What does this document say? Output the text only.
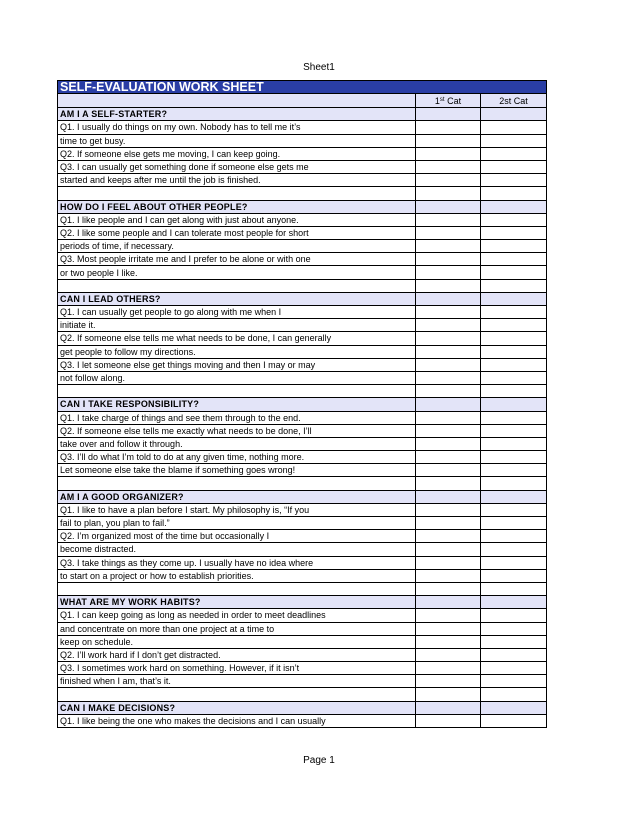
Sheet1
SELF-EVALUATION WORK SHEET		
	1st Cat	2st Cat
AM I A SELF-STARTER?		
Q1. I usually do things on my own. Nobody has to tell me it’s		
time to get busy.		
Q2. If someone else gets me moving, I can keep going.		
Q3. I can usually get something done if someone else gets me		
started and keeps after me until the job is finished.		

HOW DO I FEEL ABOUT OTHER PEOPLE?		
Q1. I like people and I can get along with just about anyone.		
Q2. I like some people and I can tolerate most people for short		
periods of time, if necessary.		
Q3. Most people irritate me and I prefer to be alone or with one		
or two people I like.		

CAN I LEAD OTHERS?		
Q1. I can usually get people to go along with me when I		
initiate it.		
Q2. If someone else tells me what needs to be done, I can generally		
get people to follow my directions.		
Q3. I let someone else get things moving and then I may or may		
not follow along.		

CAN I TAKE RESPONSIBILITY?		
Q1. I take charge of things and see them through to the end.		
Q2. If someone else tells me exactly what needs to be done, I’ll		
take over and follow it through.		
Q3. I’ll do what I’m told to do at any given time, nothing more.		
Let someone else take the blame if something goes wrong!		

AM I A GOOD ORGANIZER?		
Q1. I like to have a plan before I start. My philosophy is, “If you		
fail to plan, you plan to fail.”		
Q2. I’m organized most of the time but occasionally I		
become distracted.		
Q3. I take things as they come up. I usually have no idea where		
to start on a project or how to establish priorities.		

WHAT ARE MY WORK HABITS?		
Q1. I can keep going as long as needed in order to meet deadlines		
and concentrate on more than one project at a time to		
keep on schedule.		
Q2. I’ll work hard if I don’t get distracted.		
Q3. I sometimes work hard on something. However, if it isn’t		
finished when I am, that’s it.		

CAN I MAKE DECISIONS?		
Q1. I like being the one who makes the decisions and I can usually		
Page 1
